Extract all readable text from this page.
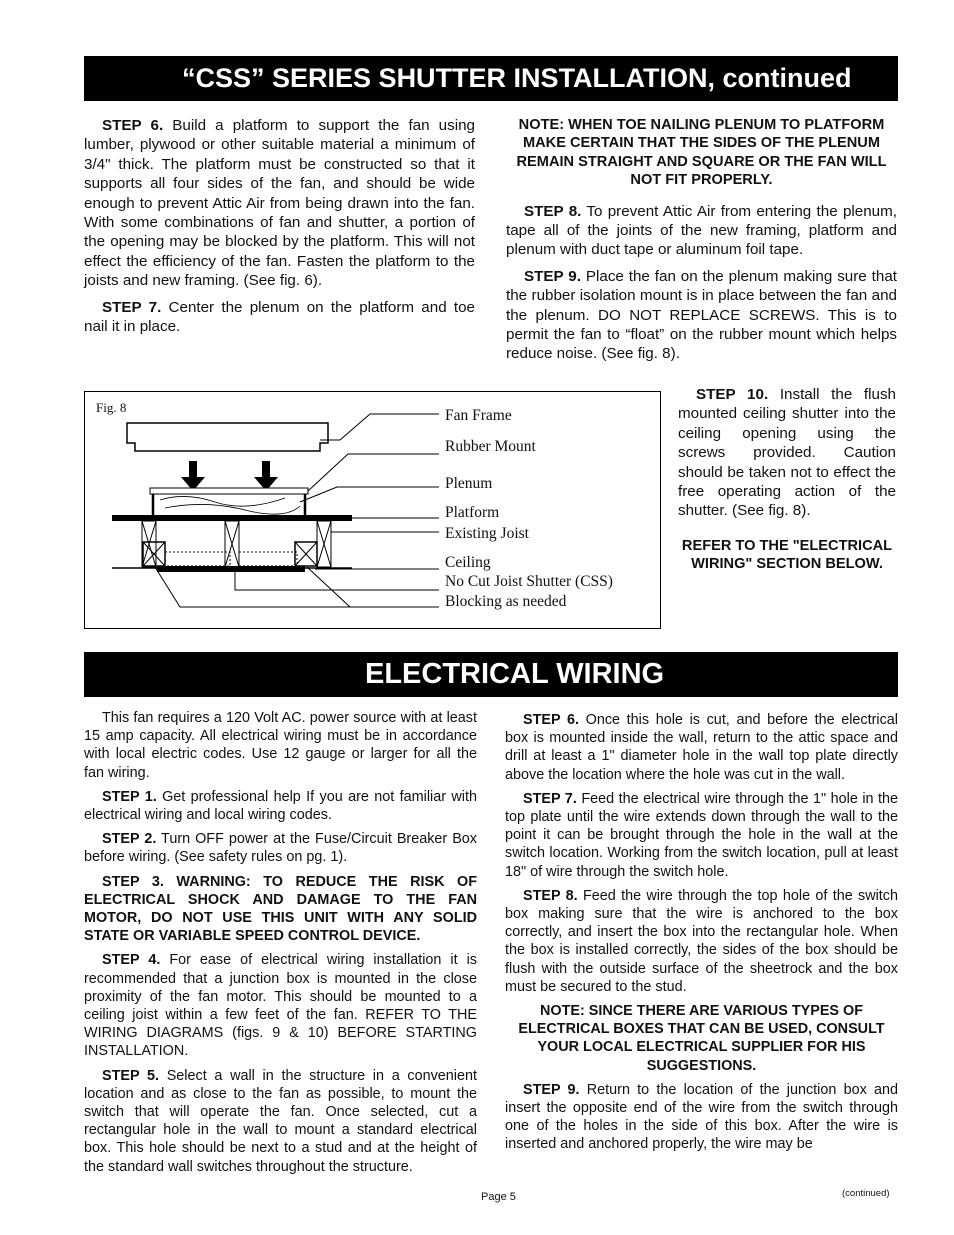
“CSS” SERIES SHUTTER INSTALLATION, continued

STEP 6. Build a platform to support the fan using lumber, plywood or other suitable material a minimum of 3/4" thick. The platform must be constructed so that it supports all four sides of the fan, and should be wide enough to prevent Attic Air from being drawn into the fan. With some combinations of fan and shutter, a portion of the opening may be blocked by the platform. This will not effect the efficiency of the fan. Fasten the platform to the joists and new framing. (See fig. 6).

STEP 7. Center the plenum on the platform and toe nail it in place.

NOTE: WHEN TOE NAILING PLENUM TO PLATFORM MAKE CERTAIN THAT THE SIDES OF THE PLENUM REMAIN STRAIGHT AND SQUARE OR THE FAN WILL NOT FIT PROPERLY.

STEP 8. To prevent Attic Air from entering the plenum, tape all of the joints of the new framing, platform and plenum with duct tape or aluminum foil tape.

STEP 9. Place the fan on the plenum making sure that the rubber isolation mount is in place between the fan and the plenum. DO NOT REPLACE SCREWS. This is to permit the fan to “float” on the rubber mount which helps reduce noise. (See fig. 8).

STEP 10. Install the flush mounted ceiling shutter into the ceiling opening using the screws provided. Caution should be taken not to effect the free operating action of the shutter. (See fig. 8).

REFER TO THE "ELECTRICAL WIRING" SECTION BELOW.

Fig. 8	Fan Frame
Rubber Mount
Plenum
Platform
Existing Joist
Ceiling
No Cut Joist Shutter (CSS)
Blocking as needed
ELECTRICAL WIRING

This fan requires a 120 Volt AC. power source with at least 15 amp capacity. All electrical wiring must be in accordance with local electric codes. Use 12 gauge or larger for all the fan wiring.

STEP 1. Get professional help If you are not familiar with electrical wiring and local wiring codes.

STEP 2. Turn OFF power at the Fuse/Circuit Breaker Box before wiring. (See safety rules on pg. 1).

STEP 3. WARNING: TO REDUCE THE RISK OF ELECTRICAL SHOCK AND DAMAGE TO THE FAN MOTOR, DO NOT USE THIS UNIT WITH ANY SOLID STATE OR VARIABLE SPEED CONTROL DEVICE.

STEP 4. For ease of electrical wiring installation it is recommended that a junction box is mounted in the close proximity of the fan motor. This should be mounted to a ceiling joist within a few feet of the fan. REFER TO THE WIRING DIAGRAMS (figs. 9 & 10) BEFORE STARTING INSTALLATION.

STEP 5. Select a wall in the structure in a convenient location and as close to the fan as possible, to mount the switch that will operate the fan. Once selected, cut a rectangular hole in the wall to mount a standard electrical box. This hole should be next to a stud and at the height of the standard wall switches throughout the structure.

STEP 6. Once this hole is cut, and before the electrical box is mounted inside the wall, return to the attic space and drill at least a 1" diameter hole in the wall top plate directly above the location where the hole was cut in the wall.

STEP 7. Feed the electrical wire through the 1" hole in the top plate until the wire extends down through the wall to the point it can be brought through the hole in the wall at the switch location. Working from the switch location, pull at least 18" of wire through the switch hole.

STEP 8. Feed the wire through the top hole of the switch box making sure that the wire is anchored to the box correctly, and insert the box into the rectangular hole. When the box is installed correctly, the sides of the box should be flush with the outside surface of the sheetrock and the box must be secured to the stud.

NOTE: SINCE THERE ARE VARIOUS TYPES OF ELECTRICAL BOXES THAT CAN BE USED, CONSULT YOUR LOCAL ELECTRICAL SUPPLIER FOR HIS SUGGESTIONS.

STEP 9. Return to the location of the junction box and insert the opposite end of the wire from the switch through one of the holes in the side of this box. After the wire is inserted and anchored properly, the wire may be

Page 5	(continued)
